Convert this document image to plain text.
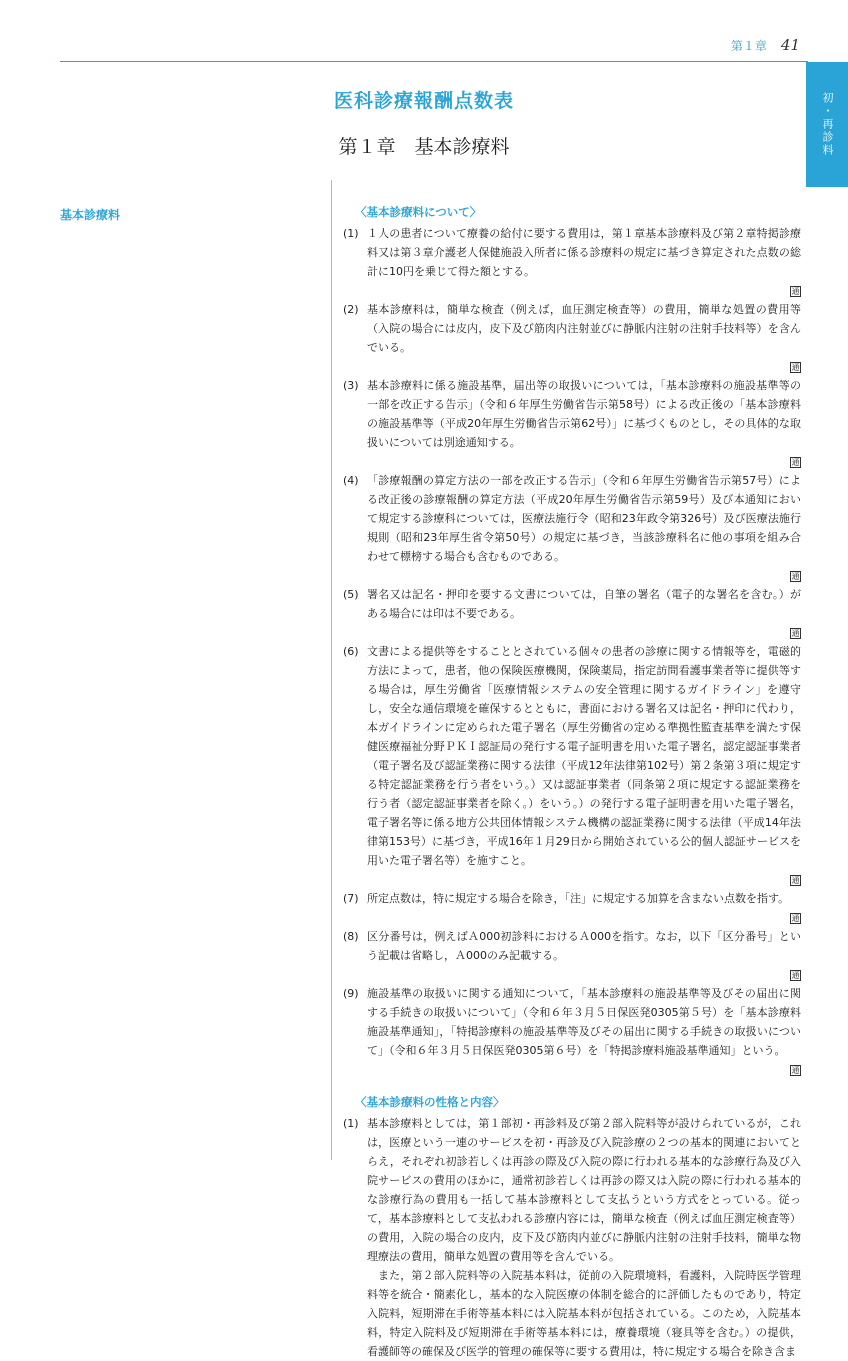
第１章 41
初・再診料
医科診療報酬点数表
第１章　基本診療料
基本診療料	〈基本診療料について〉
(1) １人の患者について療養の給付に要する費用は，第１章基本診療料及び第２章特掲診療料又は第３章介護老人保健施設入所者に係る診療料の規定に基づき算定された点数の総計に10円を乗じて得た額とする。
通
(2) 基本診療料は，簡単な検査（例えば，血圧測定検査等）の費用，簡単な処置の費用等（入院の場合には皮内，皮下及び筋肉内注射並びに静脈内注射の注射手技料等）を含んでいる。
通
(3) 基本診療料に係る施設基準，届出等の取扱いについては，「基本診療料の施設基準等の一部を改正する告示」（令和６年厚生労働省告示第58号）による改正後の「基本診療料の施設基準等（平成20年厚生労働省告示第62号）」に基づくものとし，その具体的な取扱いについては別途通知する。
通
(4) 「診療報酬の算定方法の一部を改正する告示」（令和６年厚生労働省告示第57号）による改正後の診療報酬の算定方法（平成20年厚生労働省告示第59号）及び本通知において規定する診療科については，医療法施行令（昭和23年政令第326号）及び医療法施行規則（昭和23年厚生省令第50号）の規定に基づき，当該診療科名に他の事項を組み合わせて標榜する場合も含むものである。
通
(5) 署名又は記名・押印を要する文書については，自筆の署名（電子的な署名を含む。）がある場合には印は不要である。
通
(6) 文書による提供等をすることとされている個々の患者の診療に関する情報等を，電磁的方法によって，患者，他の保険医療機関，保険薬局，指定訪問看護事業者等に提供等する場合は，厚生労働省「医療情報システムの安全管理に関するガイドライン」を遵守し，安全な通信環境を確保するとともに，書面における署名又は記名・押印に代わり，本ガイドラインに定められた電子署名（厚生労働省の定める準拠性監査基準を満たす保健医療福祉分野ＰＫＩ認証局の発行する電子証明書を用いた電子署名，認定認証事業者（電子署名及び認証業務に関する法律（平成12年法律第102号）第２条第３項に規定する特定認証業務を行う者をいう。）又は認証事業者（同条第２項に規定する認証業務を行う者（認定認証事業者を除く。）をいう。）の発行する電子証明書を用いた電子署名，電子署名等に係る地方公共団体情報システム機構の認証業務に関する法律（平成14年法律第153号）に基づき，平成16年１月29日から開始されている公的個人認証サービスを用いた電子署名等）を施すこと。
通
(7) 所定点数は，特に規定する場合を除き，「注」に規定する加算を含まない点数を指す。
通
(8) 区分番号は，例えばＡ000初診料におけるＡ000を指す。なお，以下「区分番号」という記載は省略し，Ａ000のみ記載する。
通
(9) 施設基準の取扱いに関する通知について，「基本診療料の施設基準等及びその届出に関する手続きの取扱いについて」（令和６年３月５日保医発0305第５号）を「基本診療料施設基準通知」，「特掲診療料の施設基準等及びその届出に関する手続きの取扱いについて」（令和６年３月５日保医発0305第６号）を「特掲診療料施設基準通知」という。
通
〈基本診療料の性格と内容〉
(1) 基本診療料としては，第１部初・再診料及び第２部入院料等が設けられているが，これは，医療という一連のサービスを初・再診及び入院診療の２つの基本的関連においてとらえ，それぞれ初診若しくは再診の際及び入院の際に行われる基本的な診療行為及び入院サービスの費用のほかに，通常初診若しくは再診の際又は入院の際に行われる基本的な診療行為の費用も一括して基本診療料として支払うという方式をとっている。従って，基本診療料として支払われる診療内容には，簡単な検査（例えば血圧測定検査等）の費用，入院の場合の皮内，皮下及び筋肉内並びに静脈内注射の注射手技料，簡単な物理療法の費用，簡単な処置の費用等を含んでいる。
また，第２部入院料等の入院基本料は，従前の入院環境料，看護料，入院時医学管理料等を統合・簡素化し，基本的な入院医療の体制を総合的に評価したものであり，特定入院料，短期滞在手術等基本料には入院基本料が包括されている。このため，入院基本料，特定入院料及び短期滞在手術等基本料には，療養環境（寝具等を含む。）の提供，看護師等の確保及び医学的管理の確保等に要する費用は，特に規定する場合を除き含ま
